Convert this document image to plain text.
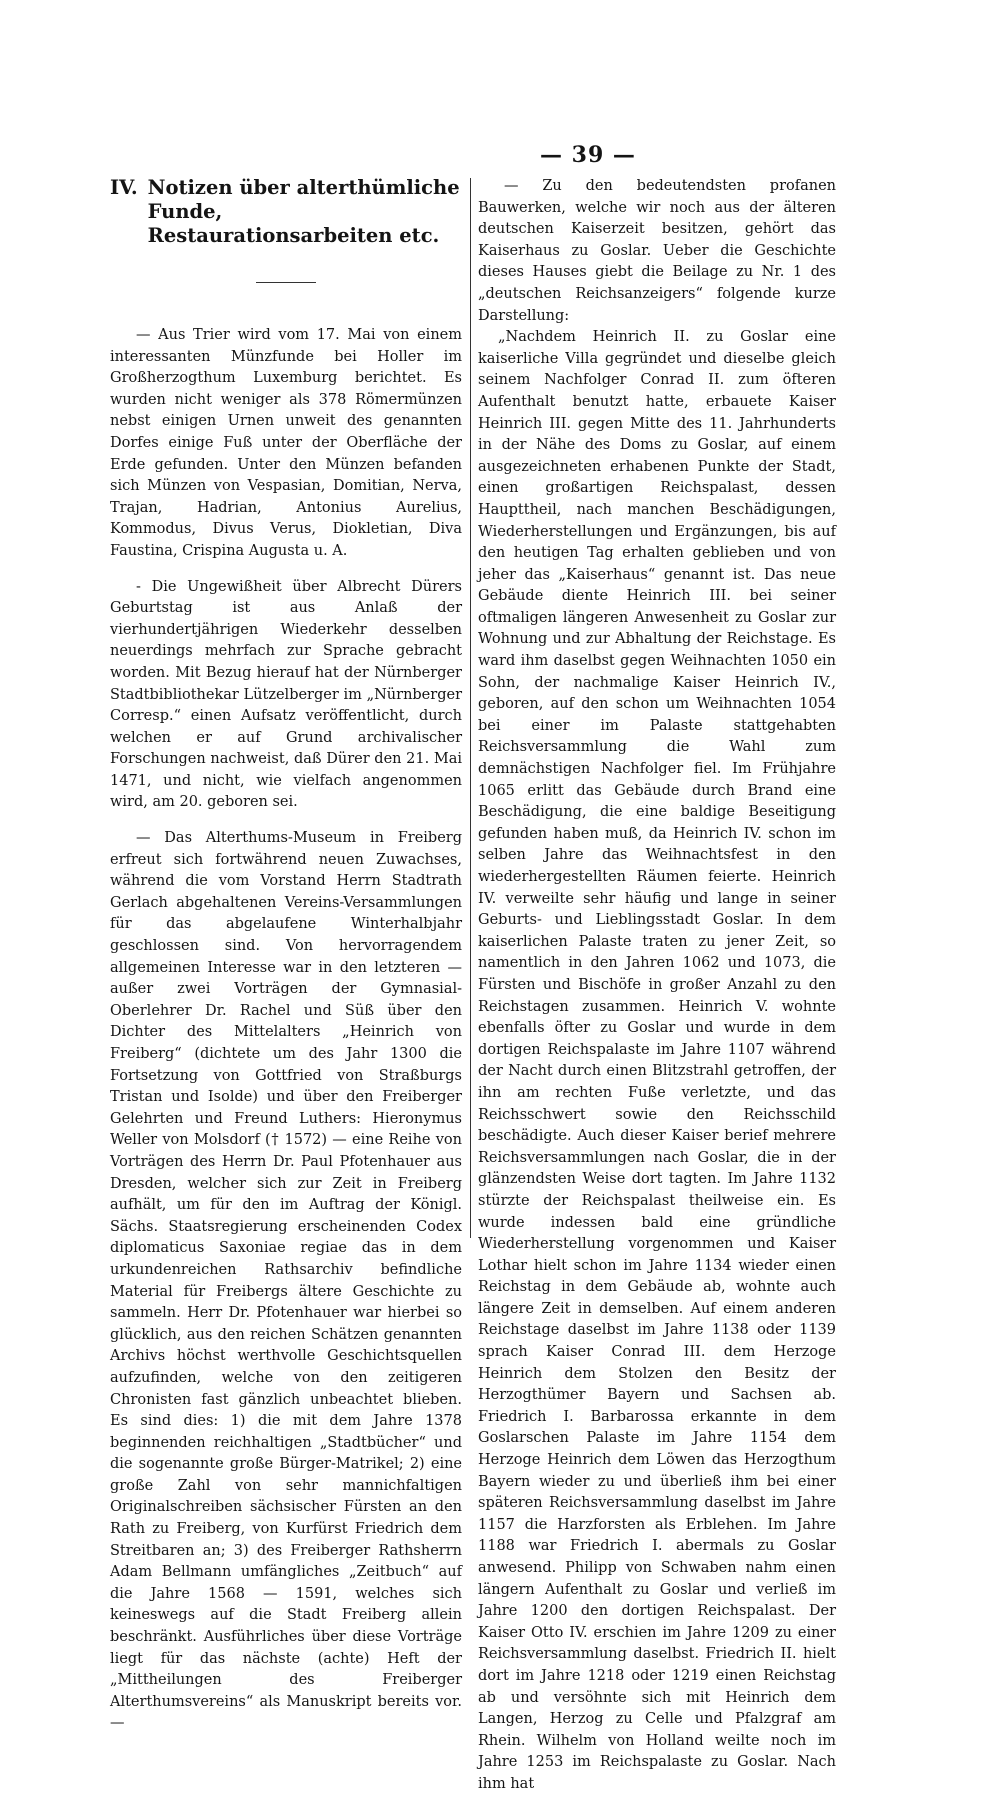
— 39 —
IV. Notizen über alterthümliche Funde, Restaurationsarbeiten etc.

— Aus Trier wird vom 17. Mai von einem interessanten Münzfunde bei Holler im Großherzogthum Luxemburg berichtet. Es wurden nicht weniger als 378 Römermünzen nebst einigen Urnen unweit des genannten Dorfes einige Fuß unter der Oberfläche der Erde gefunden. Unter den Münzen befanden sich Münzen von Vespasian, Domitian, Nerva, Trajan, Hadrian, Antonius Aurelius, Kommodus, Divus Verus, Diokletian, Diva Faustina, Crispina Augusta u. A.

- Die Ungewißheit über Albrecht Dürers Geburtstag ist aus Anlaß der vierhundertjährigen Wiederkehr desselben neuerdings mehrfach zur Sprache gebracht worden. Mit Bezug hierauf hat der Nürnberger Stadtbibliothekar Lützelberger im „Nürnberger Corresp.“ einen Aufsatz veröffentlicht, durch welchen er auf Grund archivalischer Forschungen nachweist, daß Dürer den 21. Mai 1471, und nicht, wie vielfach angenommen wird, am 20. geboren sei.

— Das Alterthums-Museum in Freiberg erfreut sich fortwährend neuen Zuwachses, während die vom Vorstand Herrn Stadtrath Gerlach abgehaltenen Vereins-Versammlungen für das abgelaufene Winterhalbjahr geschlossen sind. Von hervorragendem allgemeinen Interesse war in den letzteren — außer zwei Vorträgen der Gymnasial-Oberlehrer Dr. Rachel und Süß über den Dichter des Mittelalters „Heinrich von Freiberg“ (dichtete um des Jahr 1300 die Fortsetzung von Gottfried von Straßburgs Tristan und Isolde) und über den Freiberger Gelehrten und Freund Luthers: Hieronymus Weller von Molsdorf († 1572) — eine Reihe von Vorträgen des Herrn Dr. Paul Pfotenhauer aus Dresden, welcher sich zur Zeit in Freiberg aufhält, um für den im Auftrag der Königl. Sächs. Staatsregierung erscheinenden Codex diplomaticus Saxoniae regiae das in dem urkundenreichen Rathsarchiv befindliche Material für Freibergs ältere Geschichte zu sammeln. Herr Dr. Pfotenhauer war hierbei so glücklich, aus den reichen Schätzen genannten Archivs höchst werthvolle Geschichtsquellen aufzufinden, welche von den zeitigeren Chronisten fast gänzlich unbeachtet blieben. Es sind dies: 1) die mit dem Jahre 1378 beginnenden reichhaltigen „Stadtbücher“ und die sogenannte große Bürger-Matrikel; 2) eine große Zahl von sehr mannichfaltigen Originalschreiben sächsischer Fürsten an den Rath zu Freiberg, von Kurfürst Friedrich dem Streitbaren an; 3) des Freiberger Rathsherrn Adam Bellmann umfängliches „Zeitbuch“ auf die Jahre 1568 — 1591, welches sich keineswegs auf die Stadt Freiberg allein beschränkt. Ausführliches über diese Vorträge liegt für das nächste (achte) Heft der „Mittheilungen des Freiberger Alterthumsvereins“ als Manuskript bereits vor. —

— Zu den bedeutendsten profanen Bauwerken, welche wir noch aus der älteren deutschen Kaiserzeit besitzen, gehört das Kaiserhaus zu Goslar. Ueber die Geschichte dieses Hauses giebt die Beilage zu Nr. 1 des „deutschen Reichsanzeigers“ folgende kurze Darstellung:

„Nachdem Heinrich II. zu Goslar eine kaiserliche Villa gegründet und dieselbe gleich seinem Nachfolger Conrad II. zum öfteren Aufenthalt benutzt hatte, erbauete Kaiser Heinrich III. gegen Mitte des 11. Jahrhunderts in der Nähe des Doms zu Goslar, auf einem ausgezeichneten erhabenen Punkte der Stadt, einen großartigen Reichspalast, dessen Haupttheil, nach manchen Beschädigungen, Wiederherstellungen und Ergänzungen, bis auf den heutigen Tag erhalten geblieben und von jeher das „Kaiserhaus“ genannt ist. Das neue Gebäude diente Heinrich III. bei seiner oftmaligen längeren Anwesenheit zu Goslar zur Wohnung und zur Abhaltung der Reichstage. Es ward ihm daselbst gegen Weihnachten 1050 ein Sohn, der nachmalige Kaiser Heinrich IV., geboren, auf den schon um Weihnachten 1054 bei einer im Palaste stattgehabten Reichsversammlung die Wahl zum demnächstigen Nachfolger fiel. Im Frühjahre 1065 erlitt das Gebäude durch Brand eine Beschädigung, die eine baldige Beseitigung gefunden haben muß, da Heinrich IV. schon im selben Jahre das Weihnachtsfest in den wiederhergestellten Räumen feierte. Heinrich IV. verweilte sehr häufig und lange in seiner Geburts- und Lieblingsstadt Goslar. In dem kaiserlichen Palaste traten zu jener Zeit, so namentlich in den Jahren 1062 und 1073, die Fürsten und Bischöfe in großer Anzahl zu den Reichstagen zusammen. Heinrich V. wohnte ebenfalls öfter zu Goslar und wurde in dem dortigen Reichspalaste im Jahre 1107 während der Nacht durch einen Blitzstrahl getroffen, der ihn am rechten Fuße verletzte, und das Reichsschwert sowie den Reichsschild beschädigte. Auch dieser Kaiser berief mehrere Reichsversammlungen nach Goslar, die in der glänzendsten Weise dort tagten. Im Jahre 1132 stürzte der Reichspalast theilweise ein. Es wurde indessen bald eine gründliche Wiederherstellung vorgenommen und Kaiser Lothar hielt schon im Jahre 1134 wieder einen Reichstag in dem Gebäude ab, wohnte auch längere Zeit in demselben. Auf einem anderen Reichstage daselbst im Jahre 1138 oder 1139 sprach Kaiser Conrad III. dem Herzoge Heinrich dem Stolzen den Besitz der Herzogthümer Bayern und Sachsen ab. Friedrich I. Barbarossa erkannte in dem Goslarschen Palaste im Jahre 1154 dem Herzoge Heinrich dem Löwen das Herzogthum Bayern wieder zu und überließ ihm bei einer späteren Reichsversammlung daselbst im Jahre 1157 die Harzforsten als Erblehen. Im Jahre 1188 war Friedrich I. abermals zu Goslar anwesend. Philipp von Schwaben nahm einen längern Aufenthalt zu Goslar und verließ im Jahre 1200 den dortigen Reichspalast. Der Kaiser Otto IV. erschien im Jahre 1209 zu einer Reichsversammlung daselbst. Friedrich II. hielt dort im Jahre 1218 oder 1219 einen Reichstag ab und versöhnte sich mit Heinrich dem Langen, Herzog zu Celle und Pfalzgraf am Rhein. Wilhelm von Holland weilte noch im Jahre 1253 im Reichspalaste zu Goslar. Nach ihm hat
